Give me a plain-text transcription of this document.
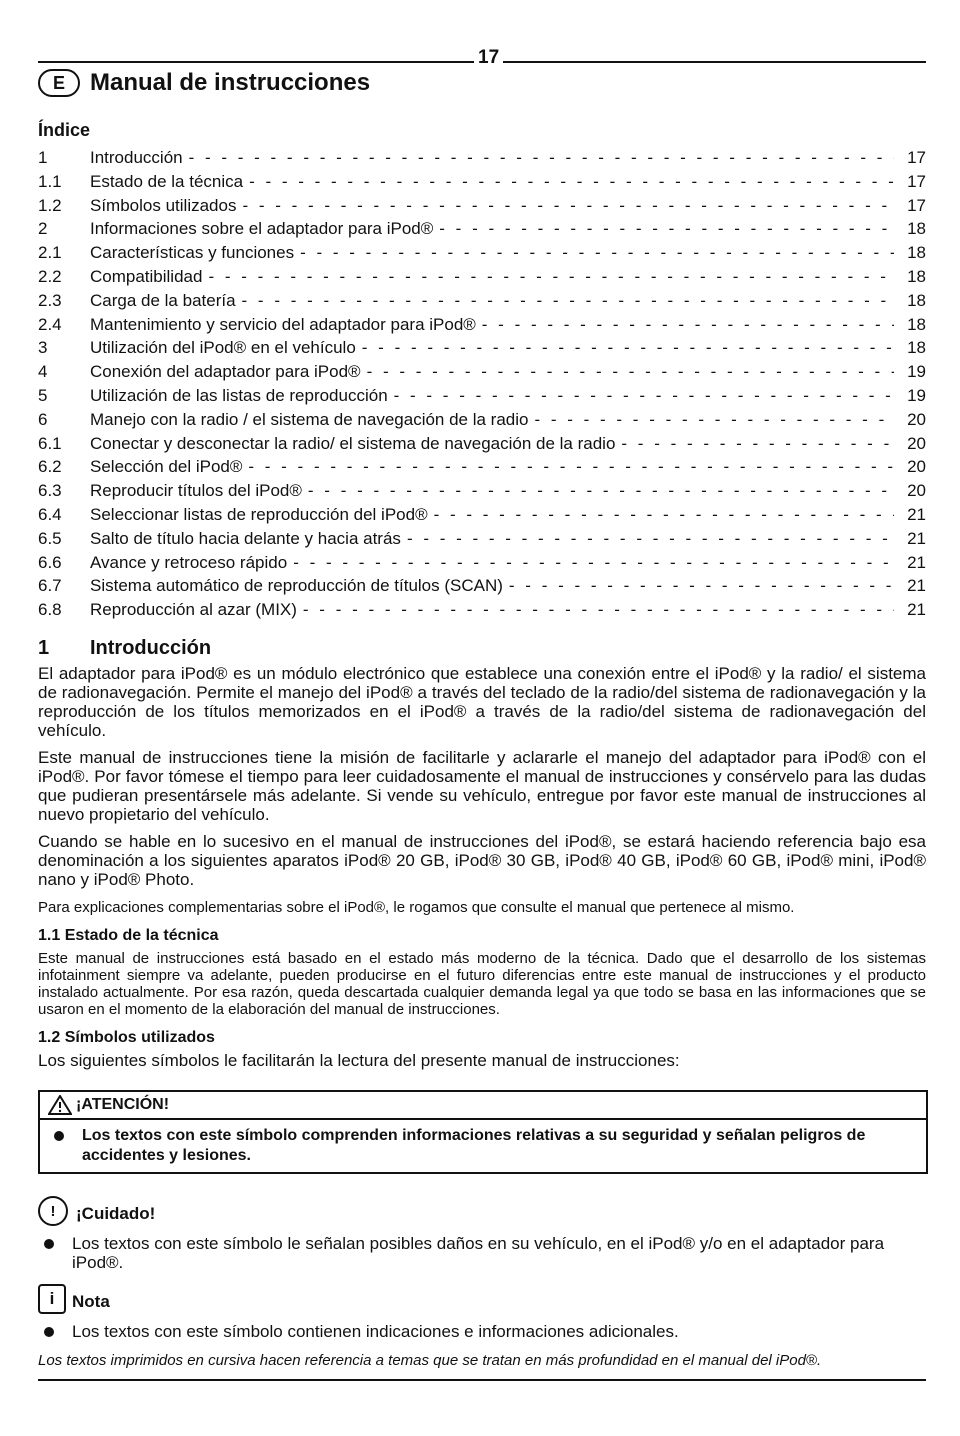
17
E	Manual de instrucciones
Índice
1	Introducción - - -	17
1.1	Estado de la técnica - - -	17
1.2	Símbolos utilizados - - -	17
2	Informaciones sobre el adaptador para iPod® - - -	18
2.1	Características y funciones - - -	18
2.2	Compatibilidad - - -	18
2.3	Carga de la batería - - -	18
2.4	Mantenimiento y servicio del adaptador para iPod® - - -	18
3	Utilización del iPod® en el vehículo - - -	18
4	Conexión del adaptador para iPod® - - -	19
5	Utilización de las listas de reproducción - - -	19
6	Manejo con la radio / el sistema de navegación de la radio - - -	20
6.1	Conectar y desconectar la radio/ el sistema de navegación de la radio - - -	20
6.2	Selección del iPod® - - -	20
6.3	Reproducir títulos del iPod® - - -	20
6.4	Seleccionar listas de reproducción del iPod® - - -	21
6.5	Salto de título hacia delante y hacia atrás - - -	21
6.6	Avance y retroceso rápido - - -	21
6.7	Sistema automático de reproducción de títulos (SCAN) - - -	21
6.8	Reproducción al azar (MIX) - - -	21
1 Introducción

El adaptador para iPod® es un módulo electrónico que establece una conexión entre el iPod® y la radio/ el sistema de radionavegación. Permite el manejo del iPod® a través del teclado de la radio/del sistema de radionavegación y la reproducción de los títulos memorizados en el iPod® a través de la radio/del sistema de radionavegación del vehículo.

Este manual de instrucciones tiene la misión de facilitarle y aclararle el manejo del adaptador para iPod® con el iPod®. Por favor tómese el tiempo para leer cuidadosamente el manual de instrucciones y consérvelo para las dudas que pudieran presentársele más adelante. Si vende su vehículo, entregue por favor este manual de instrucciones al nuevo propietario del vehículo.

Cuando se hable en lo sucesivo en el manual de instrucciones del iPod®, se estará haciendo referencia bajo esa denominación a los siguientes aparatos iPod® 20 GB, iPod® 30 GB, iPod® 40 GB, iPod® 60 GB, iPod® mini, iPod® nano y iPod® Photo.

Para explicaciones complementarias sobre el iPod®, le rogamos que consulte el manual que pertenece al mismo.

1.1 Estado de la técnica

Este manual de instrucciones está basado en el estado más moderno de la técnica. Dado que el desarrollo de los sistemas infotainment siempre va adelante, pueden producirse en el futuro diferencias entre este manual de instrucciones y el producto instalado actualmente. Por esa razón, queda descartada cualquier demanda legal ya que todo se basa en las informaciones que se usaron en el momento de la elaboración del manual de instrucciones.

1.2 Símbolos utilizados

Los siguientes símbolos le facilitarán la lectura del presente manual de instrucciones:

¡ATENCIÓN!
Los textos con este símbolo comprenden informaciones relativas a su seguridad y señalan peligros de accidentes y lesiones.
!	¡Cuidado!
Los textos con este símbolo le señalan posibles daños en su vehículo, en el iPod® y/o en el adaptador para iPod®.
i	Nota
Los textos con este símbolo contienen indicaciones e informaciones adicionales.
Los textos imprimidos en cursiva hacen referencia a temas que se tratan en más profundidad en el manual del iPod®.
